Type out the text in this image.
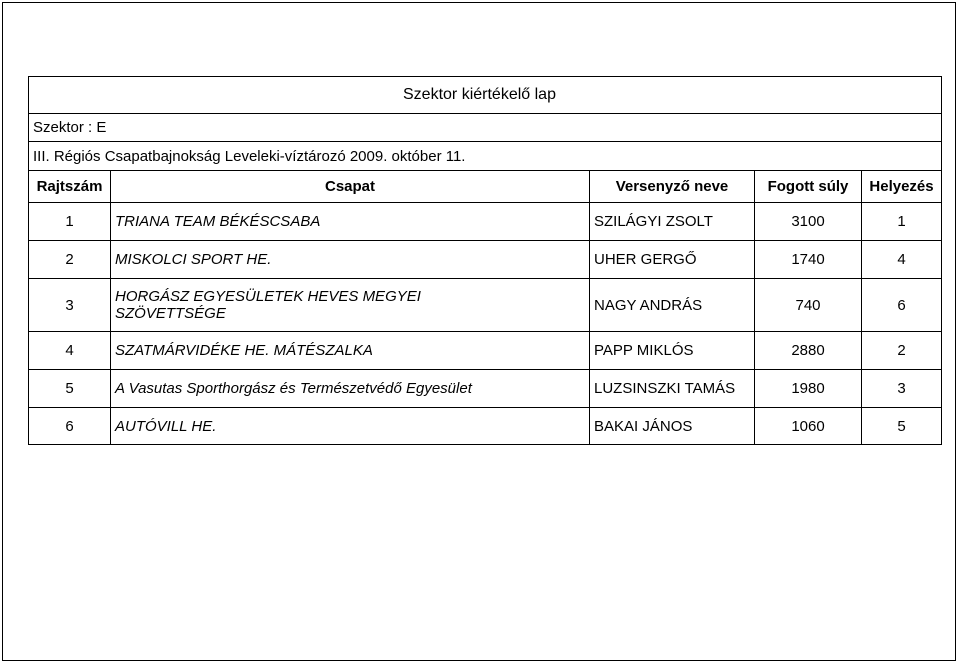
Szektor kiértékelő lap				
Szektor : E				
III. Régiós Csapatbajnokság Leveleki-víztározó 2009. október 11.				
Rajtszám	Csapat	Versenyző neve	Fogott súly	Helyezés
1	TRIANA TEAM BÉKÉSCSABA	SZILÁGYI ZSOLT	3100	1
2	MISKOLCI SPORT HE.	UHER GERGŐ	1740	4
3	HORGÁSZ EGYESÜLETEK HEVES MEGYEI SZÖVETTSÉGE	NAGY ANDRÁS	740	6
4	SZATMÁRVIDÉKE HE. MÁTÉSZALKA	PAPP MIKLÓS	2880	2
5	A Vasutas Sporthorgász és Természetvédő Egyesület	LUZSINSZKI TAMÁS	1980	3
6	AUTÓVILL HE.	BAKAI JÁNOS	1060	5
